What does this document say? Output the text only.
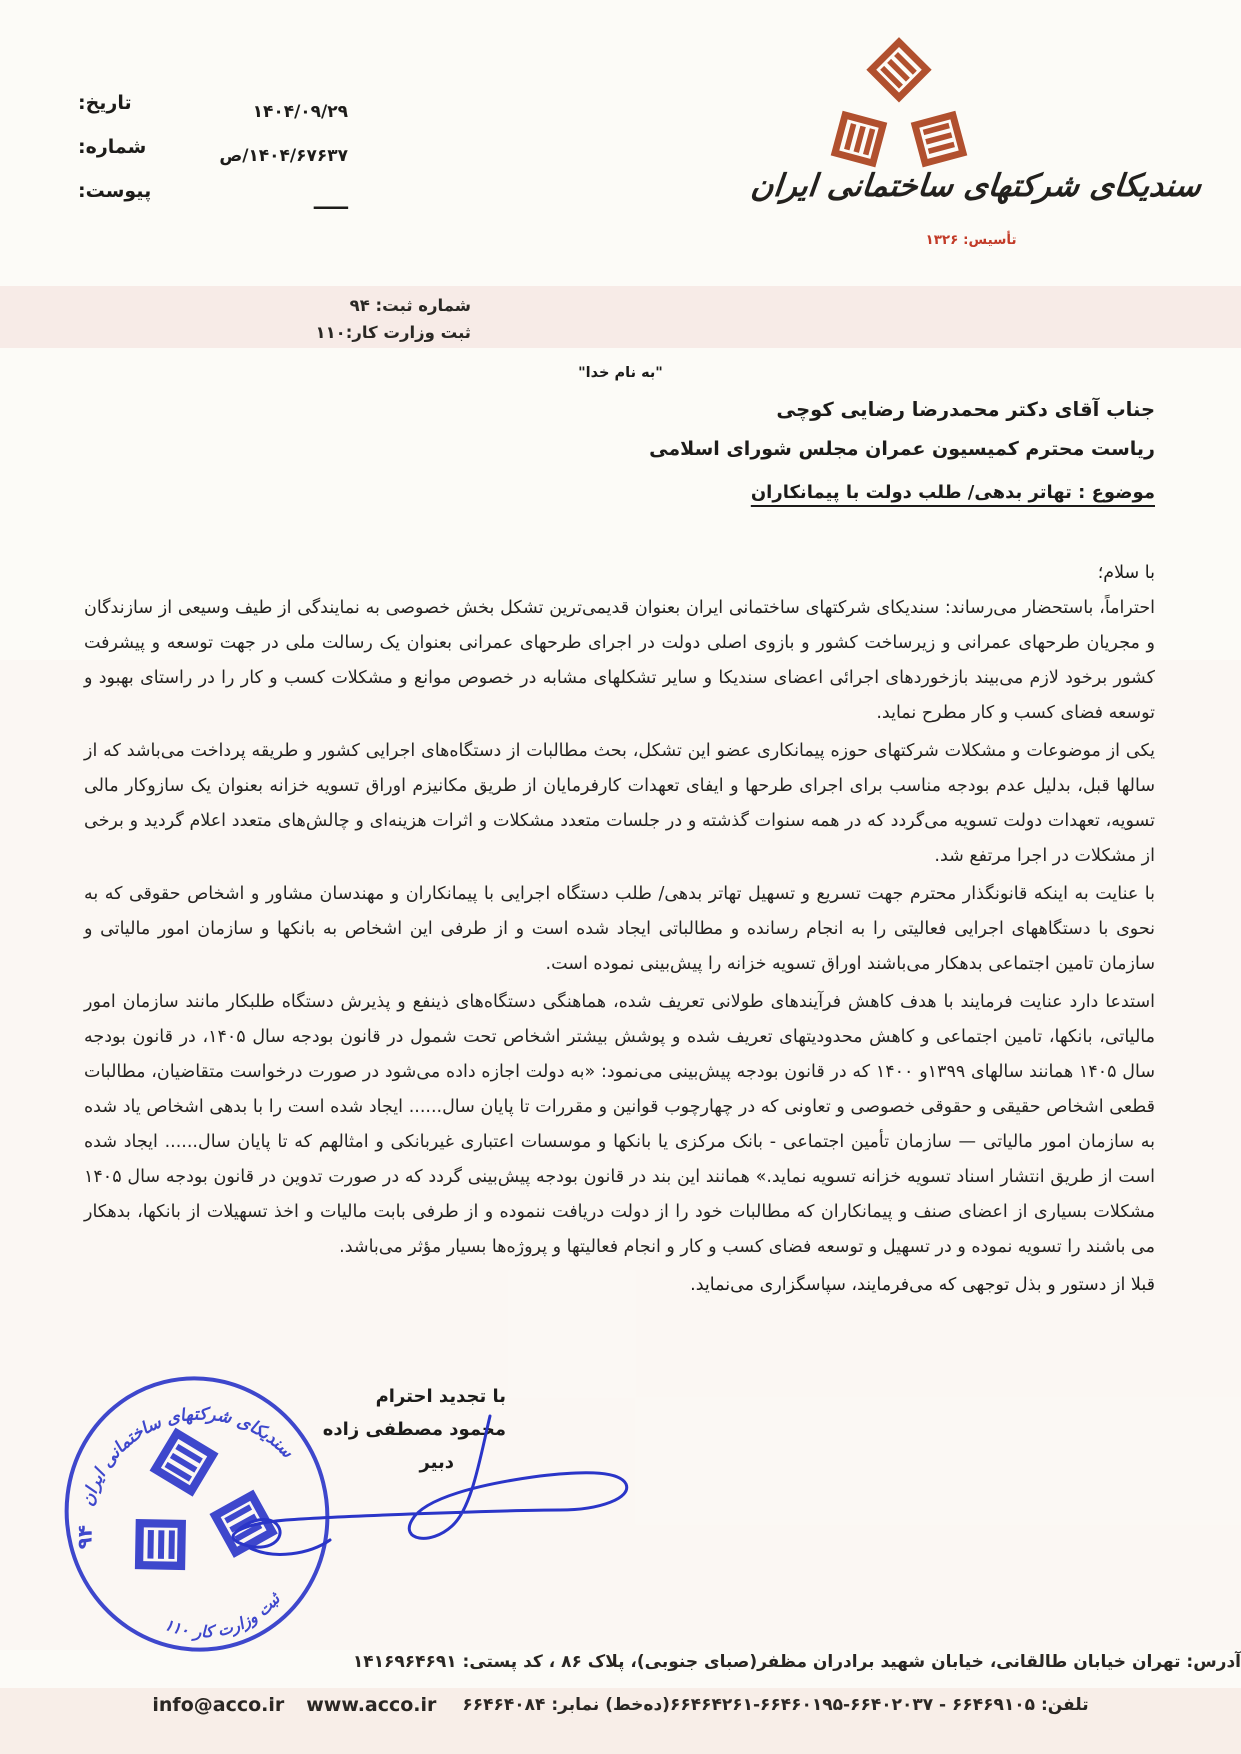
۱۴۰۴/۰۹/۲۹
تاریخ:
۱۴۰۴/۶۷۶۳۷/ص
شماره:
ـــــ
پیوست:	سندیکای شرکتهای ساختمانی ایران
تأسیس: ۱۳۲۶
شماره ثبت: ۹۴
ثبت وزارت کار:۱۱۰
"به نام خدا"
جناب آقای دکتر محمدرضا رضایی کوچی
ریاست محترم کمیسیون عمران مجلس شورای اسلامی
موضوع : تهاتر بدهی/ طلب دولت با پیمانکاران
با سلام؛
احتراماً، باستحضار می‌رساند: سندیکای شرکتهای ساختمانی ایران بعنوان قدیمی‌ترین تشکل بخش خصوصی به نمایندگی از طیف وسیعی از سازندگان و مجریان طرحهای عمرانی و زیرساخت کشور و بازوی اصلی دولت در اجرای طرحهای عمرانی بعنوان یک رسالت ملی در جهت توسعه و پیشرفت کشور برخود لازم می‌بیند بازخوردهای اجرائی اعضای سندیکا و سایر تشکلهای مشابه در خصوص موانع و مشکلات کسب و کار را در راستای بهبود و توسعه فضای کسب و کار مطرح نماید.
یکی از موضوعات و مشکلات شرکتهای حوزه پیمانکاری عضو این تشکل، بحث مطالبات از دستگاه‌های اجرایی کشور و طریقه پرداخت می‌باشد که از سالها قبل، بدلیل عدم بودجه مناسب برای اجرای طرحها و ایفای تعهدات کارفرمایان از طریق مکانیزم اوراق تسویه خزانه بعنوان یک سازوکار مالی تسویه، تعهدات دولت تسویه می‌گردد که در همه سنوات گذشته و در جلسات متعدد مشکلات و اثرات هزینه‌ای و چالش‌های متعدد اعلام گردید و برخی از مشکلات در اجرا مرتفع شد.
با عنایت به اینکه قانونگذار محترم جهت تسریع و تسهیل تهاتر بدهی/ طلب دستگاه اجرایی با پیمانکاران و مهندسان مشاور و اشخاص حقوقی که به نحوی با دستگاههای اجرایی فعالیتی را به انجام رسانده و مطالباتی ایجاد شده است و از طرفی این اشخاص به بانکها و سازمان امور مالیاتی و سازمان تامین اجتماعی بدهکار می‌باشند اوراق تسویه خزانه را پیش‌بینی نموده است.
استدعا دارد عنایت فرمایند با هدف کاهش فرآیندهای طولانی تعریف شده، هماهنگی دستگاه‌های ذینفع و پذیرش دستگاه طلبکار مانند سازمان امور مالیاتی، بانکها، تامین اجتماعی و کاهش محدودیتهای تعریف شده و پوشش بیشتر اشخاص تحت شمول در قانون بودجه سال ۱۴۰۵، در قانون بودجه سال ۱۴۰۵ همانند سالهای ۱۳۹۹و ۱۴۰۰ که در قانون بودجه پیش‌بینی می‌نمود: «به دولت اجازه داده می‌شود در صورت درخواست متقاضیان، مطالبات قطعی اشخاص حقیقی و حقوقی خصوصی و تعاونی که در چهارچوب قوانین و مقررات تا پایان سال...... ایجاد شده است را با بدهی اشخاص یاد شده به سازمان امور مالیاتی — سازمان تأمین اجتماعی - بانک مرکزی یا بانکها و موسسات اعتباری غیربانکی و امثالهم که تا پایان سال...... ایجاد شده است از طریق انتشار اسناد تسویه خزانه تسویه نماید.» همانند این بند در قانون بودجه پیش‌بینی گردد که در صورت تدوین در قانون بودجه سال ۱۴۰۵ مشکلات بسیاری از اعضای صنف و پیمانکاران که مطالبات خود را از دولت دریافت ننموده و از طرفی بابت مالیات و اخذ تسهیلات از بانکها، بدهکار می باشند را تسویه نموده و در تسهیل و توسعه فضای کسب و کار و انجام فعالیتها و پروژه‌ها بسیار مؤثر می‌باشد.
قبلا از دستور و بذل توجهی که می‌فرمایند، سپاسگزاری می‌نماید.
با تجدید احترام
محمود مصطفی زاده
دبیر
سندیکای شرکتهای ساختمانی ایران
ثبت وزارت کار ۱۱۰
۹۴
آدرس: تهران خیابان طالقانی، خیابان شهید برادران مظفر(صبای جنوبی)، پلاک ۸۶ ، کد پستی: ۱۴۱۶۹۶۴۶۹۱
تلفن: ۶۶۴۶۹۱۰۵ - ۶۶۴۰۲۰۳۷-۶۶۴۶۰۱۹۵-۶۶۴۶۴۲۶۱(ده‌خط) نمابر: ۶۶۴۶۴۰۸۴
info@acco.ir www.acco.ir
